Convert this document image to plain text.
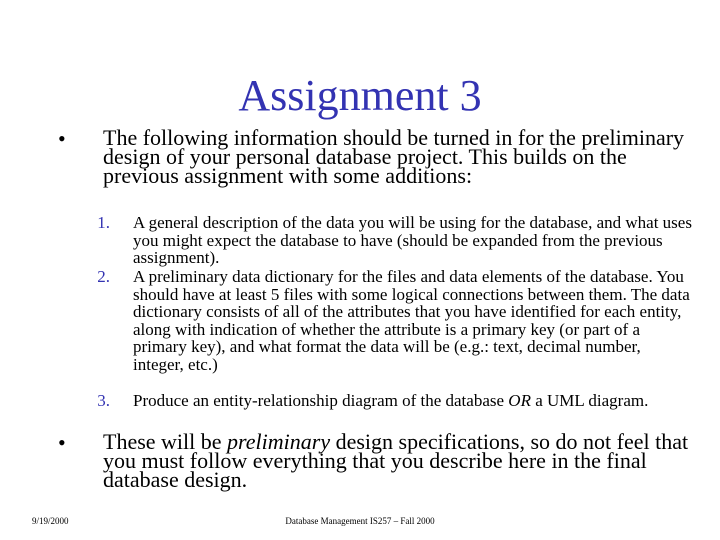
Assignment 3
• The following information should be turned in for the preliminary design of your personal database project. This builds on the previous assignment with some additions:
1. A general description of the data you will be using for the database, and what uses you might expect the database to have (should be expanded from the previous assignment).
2. A preliminary data dictionary for the files and data elements of the database. You should have at least 5 files with some logical connections between them. The data dictionary consists of all of the attributes that you have identified for each entity, along with indication of whether the attribute is a primary key (or part of a primary key), and what format the data will be (e.g.: text, decimal number, integer, etc.)
3. Produce an entity-relationship diagram of the database OR a UML diagram.
• These will be preliminary design specifications, so do not feel that you must follow everything that you describe here in the final database design.
9/19/2000	Database Management IS257 – Fall 2000
